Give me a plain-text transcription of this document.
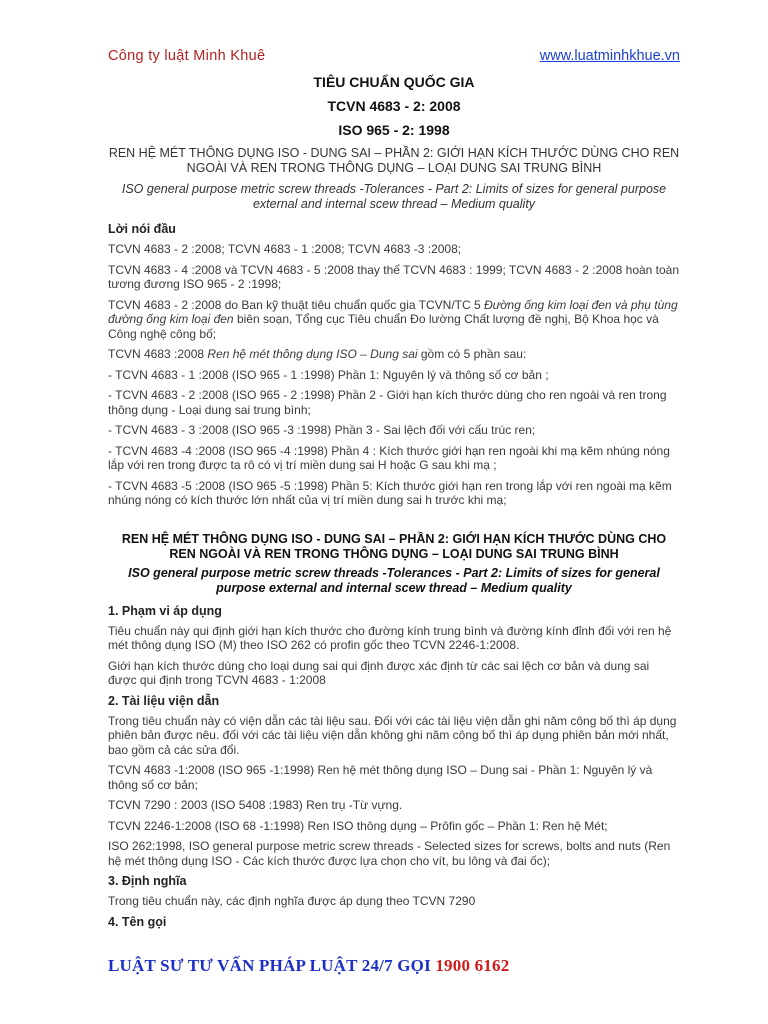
Công ty luật Minh Khuê	www.luatminhkhue.vn
TIÊU CHUẨN QUỐC GIA
TCVN 4683 - 2: 2008
ISO 965 - 2: 1998
REN HỆ MÉT THÔNG DỤNG ISO - DUNG SAI – PHẦN 2: GIỚI HẠN KÍCH THƯỚC DÙNG CHO REN NGOÀI VÀ REN TRONG THÔNG DỤNG – LOẠI DUNG SAI TRUNG BÌNH
ISO general purpose metric screw threads -Tolerances - Part 2: Limits of sizes for general purpose external and internal scew thread – Medium quality
Lời nói đầu

TCVN 4683 - 2 :2008; TCVN 4683 - 1 :2008; TCVN 4683 -3 :2008;

TCVN 4683 - 4 :2008 và TCVN 4683 - 5 :2008 thay thế TCVN 4683 : 1999; TCVN 4683 - 2 :2008 hoàn toàn tương đương ISO 965 - 2 :1998;

TCVN 4683 - 2 :2008 do Ban kỹ thuật tiêu chuẩn quốc gia TCVN/TC 5 Đường ống kim loại đen và phụ tùng đường ống kim loại đen biên soạn, Tổng cục Tiêu chuẩn Đo lường Chất lượng đề nghị, Bộ Khoa học và Công nghệ công bố;

TCVN 4683 :2008 Ren hệ mét thông dụng ISO – Dung sai gồm có 5 phần sau:

- TCVN 4683 - 1 :2008 (ISO 965 - 1 :1998) Phần 1: Nguyên lý và thông số cơ bản ;

- TCVN 4683 - 2 :2008 (ISO 965 - 2 :1998) Phần 2 - Giới hạn kích thước dùng cho ren ngoài và ren trong thông dụng - Loại dung sai trung bình;

- TCVN 4683 - 3 :2008 (ISO 965 -3 :1998) Phần 3 - Sai lệch đối với cấu trúc ren;

- TCVN 4683 -4 :2008 (ISO 965 -4 :1998) Phần 4 : Kích thước giới hạn ren ngoài khi mạ kẽm nhúng nóng lắp với ren trong được ta rô có vị trí miền dung sai H hoặc G sau khi mạ ;

- TCVN 4683 -5 :2008 (ISO 965 -5 :1998) Phần 5: Kích thước giới hạn ren trong lắp với ren ngoài mạ kẽm nhúng nóng có kích thước lớn nhất của vị trí miền dung sai h trước khi mạ;

REN HỆ MÉT THÔNG DỤNG ISO - DUNG SAI – PHẦN 2: GIỚI HẠN KÍCH THƯỚC DÙNG CHO REN NGOÀI VÀ REN TRONG THÔNG DỤNG – LOẠI DUNG SAI TRUNG BÌNH
ISO general purpose metric screw threads -Tolerances - Part 2: Limits of sizes for general purpose external and internal scew thread – Medium quality
1. Phạm vi áp dụng

Tiêu chuẩn này qui định giới hạn kích thước cho đường kính trung bình và đường kính đỉnh đối với ren hệ mét thông dụng ISO (M) theo ISO 262 có profin gốc theo TCVN 2246-1:2008.

Giới hạn kích thước dùng cho loại dung sai qui định được xác định từ các sai lệch cơ bản và dung sai được qui định trong TCVN 4683 - 1:2008

2. Tài liệu viện dẫn

Trong tiêu chuẩn này có viện dẫn các tài liệu sau. Đối với các tài liệu viện dẫn ghi năm công bố thì áp dụng phiên bản được nêu. đối với các tài liệu viện dẫn không ghi năm công bố thì áp dụng phiên bản mới nhất, bao gồm cả các sửa đổi.

TCVN 4683 -1:2008 (ISO 965 -1:1998) Ren hệ mét thông dụng ISO – Dung sai - Phần 1: Nguyên lý và thông số cơ bản;

TCVN 7290 : 2003 (ISO 5408 :1983) Ren trụ -Từ vựng.

TCVN 2246-1:2008 (ISO 68 -1:1998) Ren ISO thông dụng – Prôfin gốc – Phần 1: Ren hệ Mét;

ISO 262:1998, ISO general purpose metric screw threads - Selected sizes for screws, bolts and nuts (Ren hệ mét thông dụng ISO - Các kích thước được lựa chọn cho vít, bu lông và đai ốc);

3. Định nghĩa

Trong tiêu chuẩn này, các định nghĩa được áp dụng theo TCVN 7290

4. Tên gọi
LUẬT SƯ TƯ VẤN PHÁP LUẬT 24/7 GỌI 1900 6162
